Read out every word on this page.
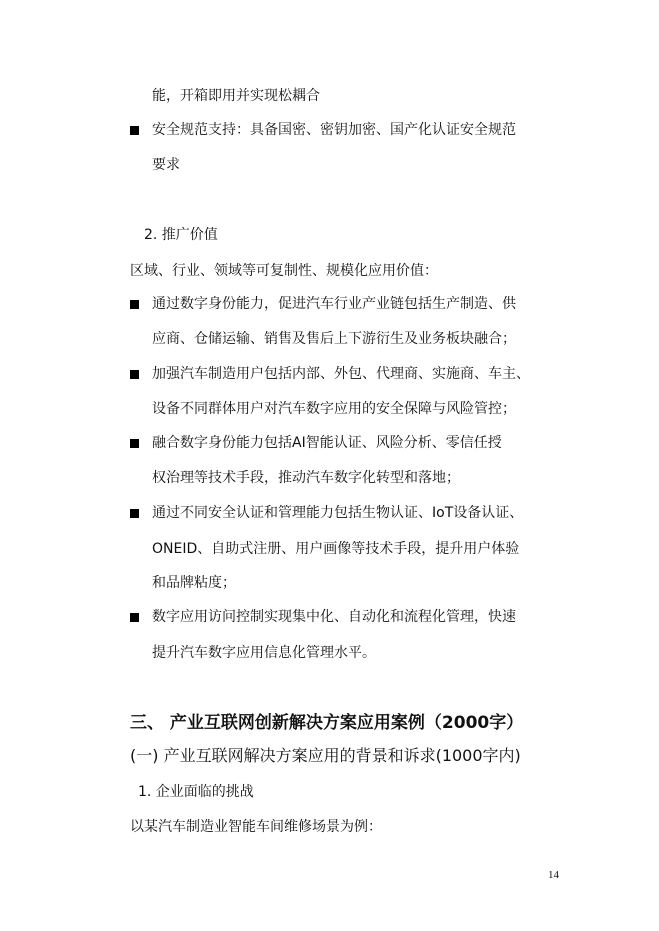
能，开箱即用并实现松耦合
安全规范支持：具备国密、密钥加密、国产化认证安全规范
要求
2. 推广价值
区域、行业、领域等可复制性、规模化应用价值：
通过数字身份能力，促进汽车行业产业链包括生产制造、供
应商、仓储运输、销售及售后上下游衍生及业务板块融合；
加强汽车制造用户包括内部、外包、代理商、实施商、车主、
设备不同群体用户对汽车数字应用的安全保障与风险管控；
融合数字身份能力包括AI智能认证、风险分析、零信任授
权治理等技术手段，推动汽车数字化转型和落地；
通过不同安全认证和管理能力包括生物认证、IoT设备认证、
ONEID、自助式注册、用户画像等技术手段，提升用户体验
和品牌粘度；
数字应用访问控制实现集中化、自动化和流程化管理，快速
提升汽车数字应用信息化管理水平。
三、 产业互联网创新解决方案应用案例（2000字）
(一) 产业互联网解决方案应用的背景和诉求(1000字内)
1. 企业面临的挑战
以某汽车制造业智能车间维修场景为例：
14
